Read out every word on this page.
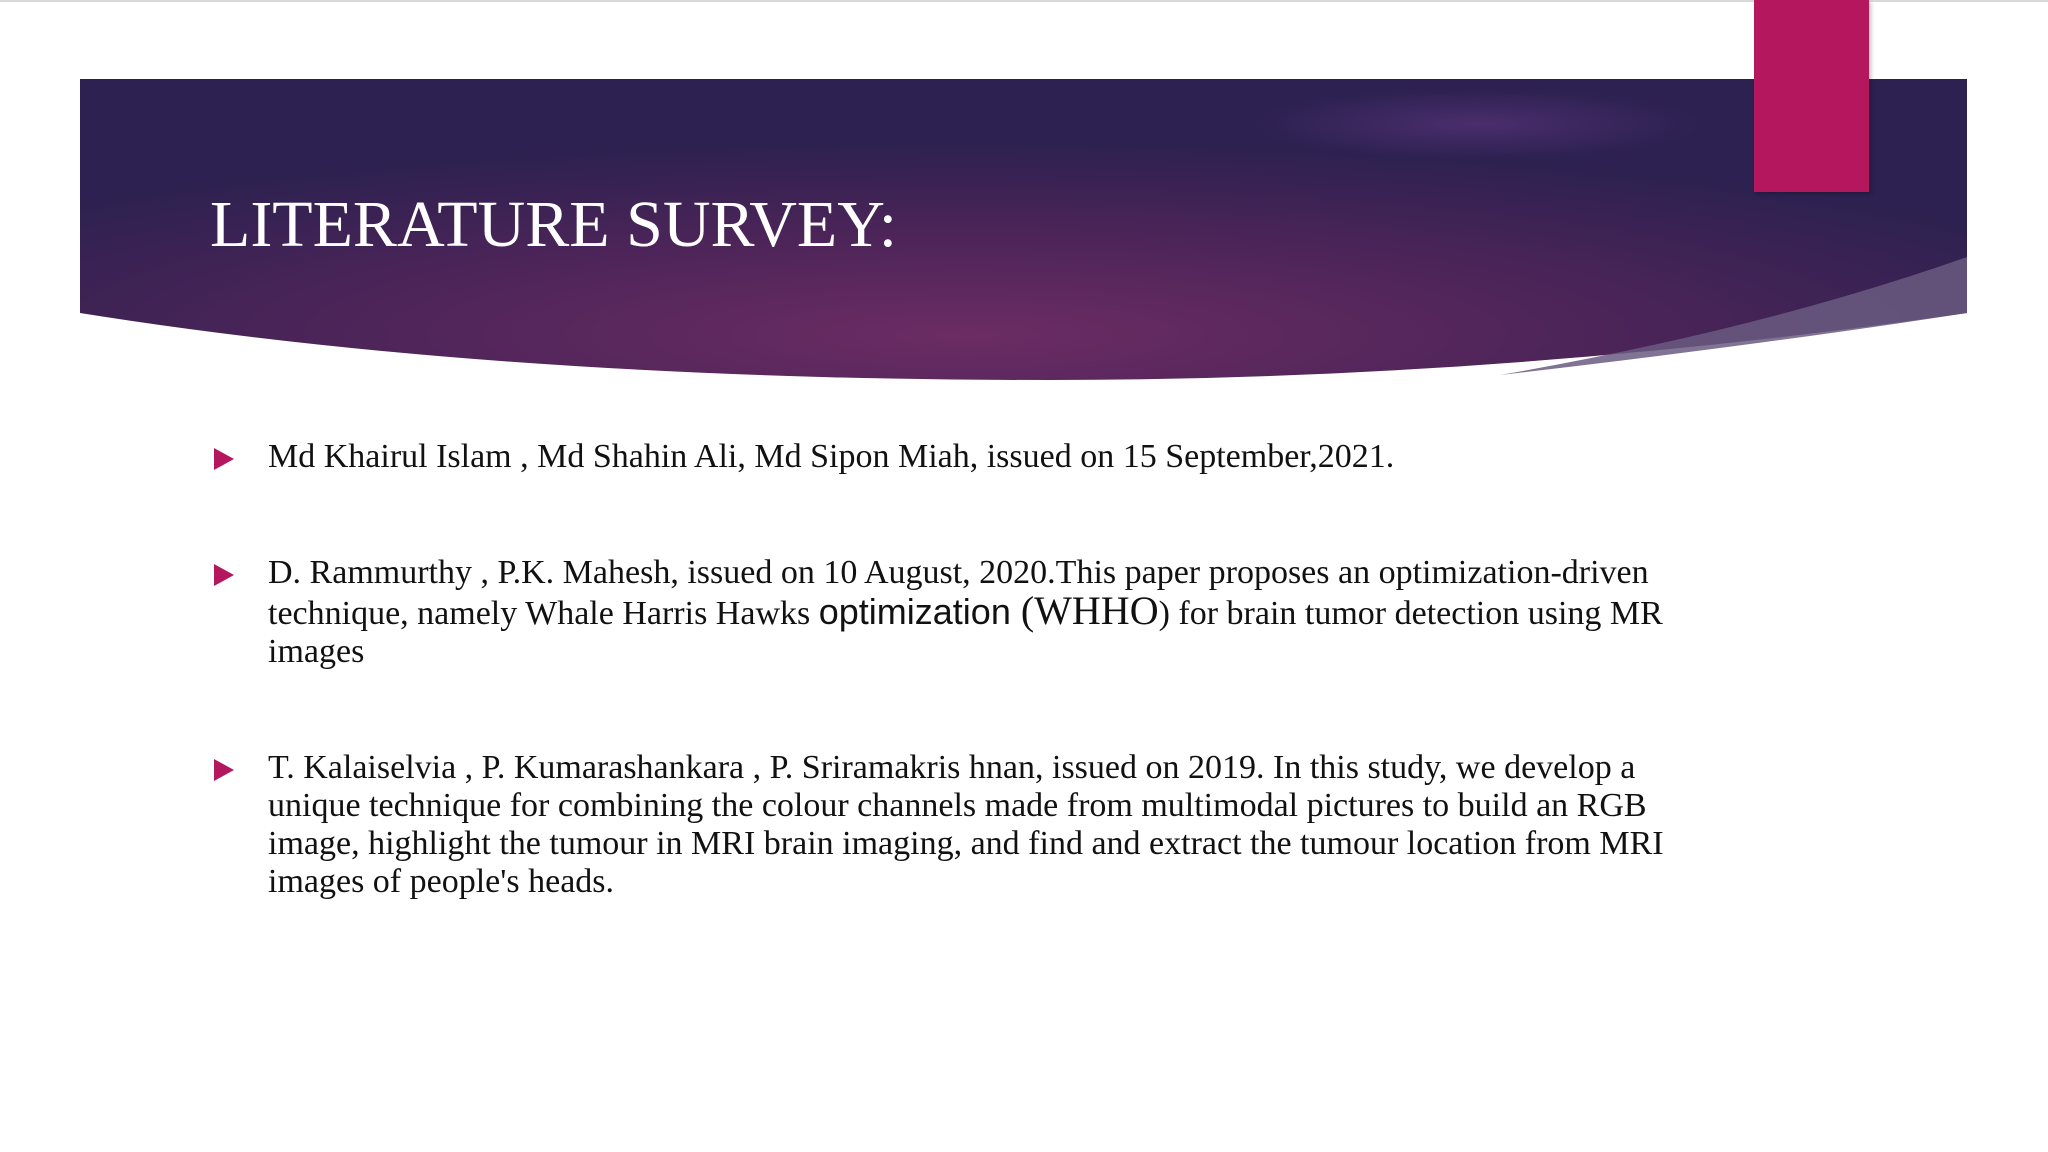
LITERATURE SURVEY:
Md Khairul Islam , Md Shahin Ali, Md Sipon Miah, issued on 15 September,2021.
D. Rammurthy , P.K. Mahesh, issued on 10 August, 2020.This paper proposes an optimization-driven technique, namely Whale Harris Hawks optimization (WHHO) for brain tumor detection using MR images
T. Kalaiselvia , P. Kumarashankara , P. Sriramakris hnan, issued on 2019. In this study, we develop a unique technique for combining the colour channels made from multimodal pictures to build an RGB image, highlight the tumour in MRI brain imaging, and find and extract the tumour location from MRI images of people's heads.
